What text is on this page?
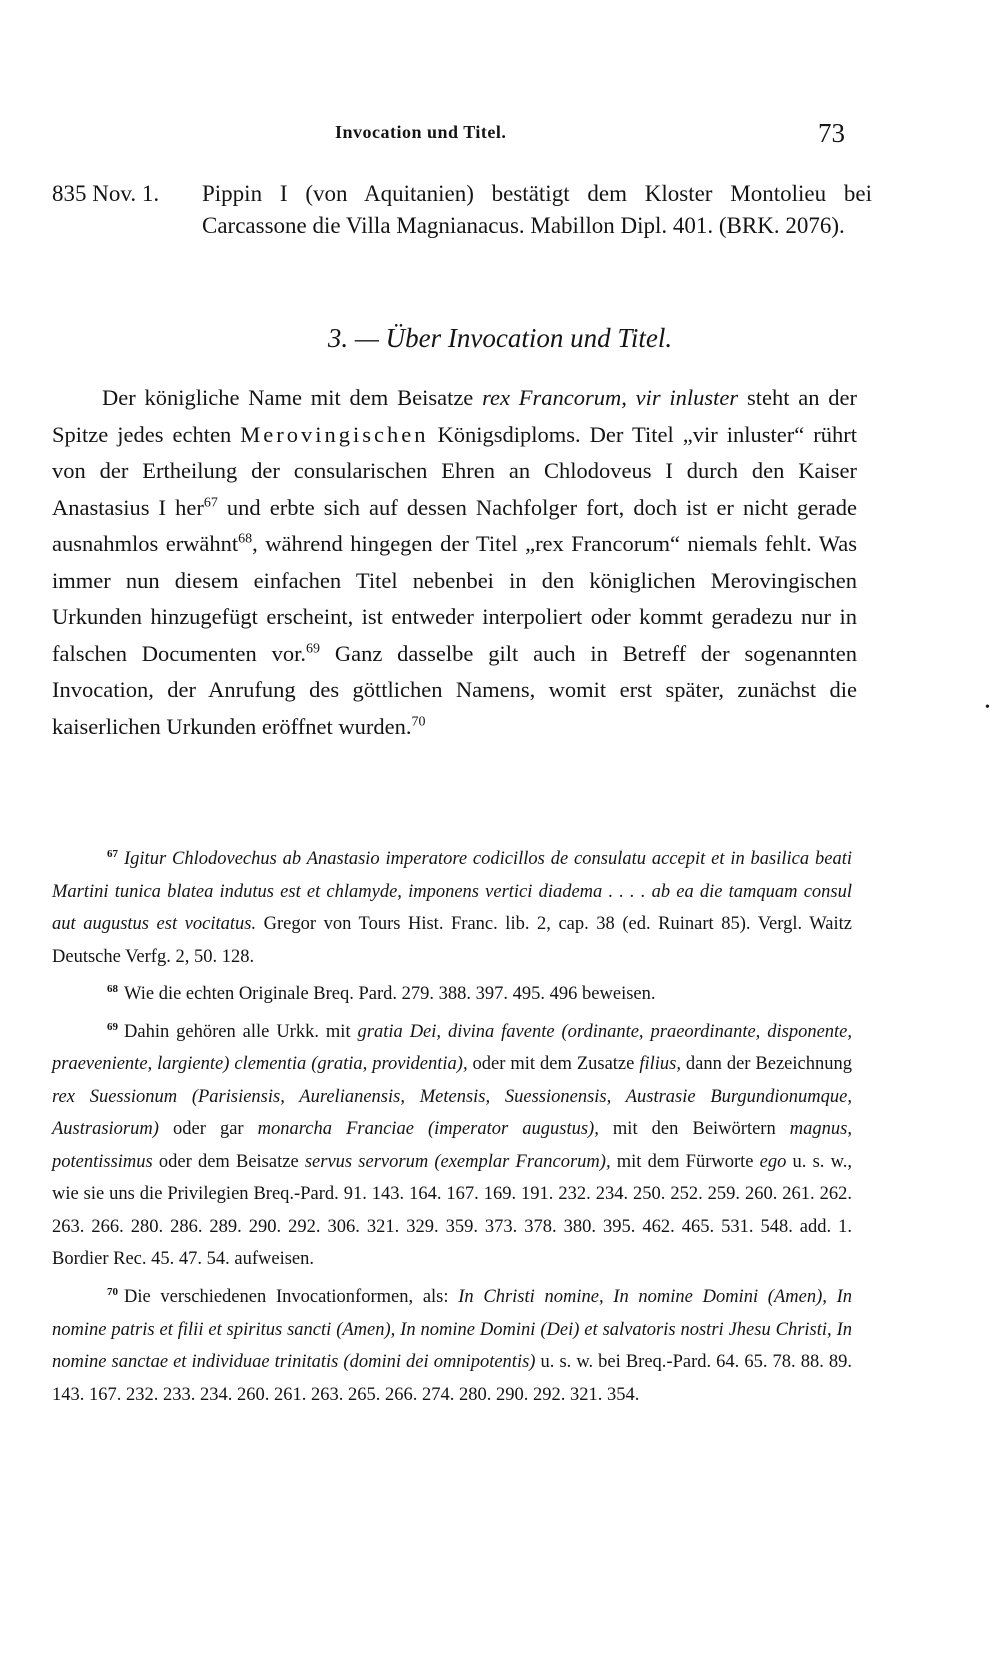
Invocation und Titel.	73
835 Nov. 1. Pippin I (von Aquitanien) bestätigt dem Kloster Montolieu bei Carcassone die Villa Magnianacus. Mabillon Dipl. 401. (BRK. 2076).
3. — Über Invocation und Titel.

Der königliche Name mit dem Beisatze rex Francorum, vir inluster steht an der Spitze jedes echten Merovingischen Königsdiploms. Der Titel „vir inluster“ rührt von der Ertheilung der consularischen Ehren an Chlodoveus I durch den Kaiser Anastasius I her$^{67}$ und erbte sich auf dessen Nachfolger fort, doch ist er nicht gerade ausnahmlos erwähnt$^{68}$, während hingegen der Titel „rex Francorum“ niemals fehlt. Was immer nun diesem einfachen Titel nebenbei in den königlichen Merovingischen Urkunden hinzugefügt erscheint, ist entweder interpoliert oder kommt geradezu nur in falschen Documenten vor.$^{69}$ Ganz dasselbe gilt auch in Betreff der sogenannten Invocation, der Anrufung des göttlichen Namens, womit erst später, zunächst die kaiserlichen Urkunden eröffnet wurden.$^{70}$

$^{67}$ Igitur Chlodovechus ab Anastasio imperatore codicillos de consulatu accepit et in basilica beati Martini tunica blatea indutus est et chlamyde, imponens vertici diadema . . . . ab ea die tamquam consul aut augustus est vocitatus. Gregor von Tours Hist. Franc. lib. 2, cap. 38 (ed. Ruinart 85). Vergl. Waitz Deutsche Verfg. 2, 50. 128.

$^{68}$ Wie die echten Originale Breq. Pard. 279. 388. 397. 495. 496 beweisen.

$^{69}$ Dahin gehören alle Urkk. mit gratia Dei, divina favente (ordinante, praeordinante, disponente, praeveniente, largiente) clementia (gratia, providentia), oder mit dem Zusatze filius, dann der Bezeichnung rex Suessionum (Parisiensis, Aurelianensis, Metensis, Suessionensis, Austrasie Burgundionumque, Austrasiorum) oder gar monarcha Franciae (imperator augustus), mit den Beiwörtern magnus, potentissimus oder dem Beisatze servus servorum (exemplar Francorum), mit dem Fürworte ego u. s. w., wie sie uns die Privilegien Breq.-Pard. 91. 143. 164. 167. 169. 191. 232. 234. 250. 252. 259. 260. 261. 262. 263. 266. 280. 286. 289. 290. 292. 306. 321. 329. 359. 373. 378. 380. 395. 462. 465. 531. 548. add. 1. Bordier Rec. 45. 47. 54. aufweisen.

$^{70}$ Die verschiedenen Invocationformen, als: In Christi nomine, In nomine Domini (Amen), In nomine patris et filii et spiritus sancti (Amen), In nomine Domini (Dei) et salvatoris nostri Jhesu Christi, In nomine sanctae et individuae trinitatis (domini dei omnipotentis) u. s. w. bei Breq.-Pard. 64. 65. 78. 88. 89. 143. 167. 232. 233. 234. 260. 261. 263. 265. 266. 274. 280. 290. 292. 321. 354.

•
